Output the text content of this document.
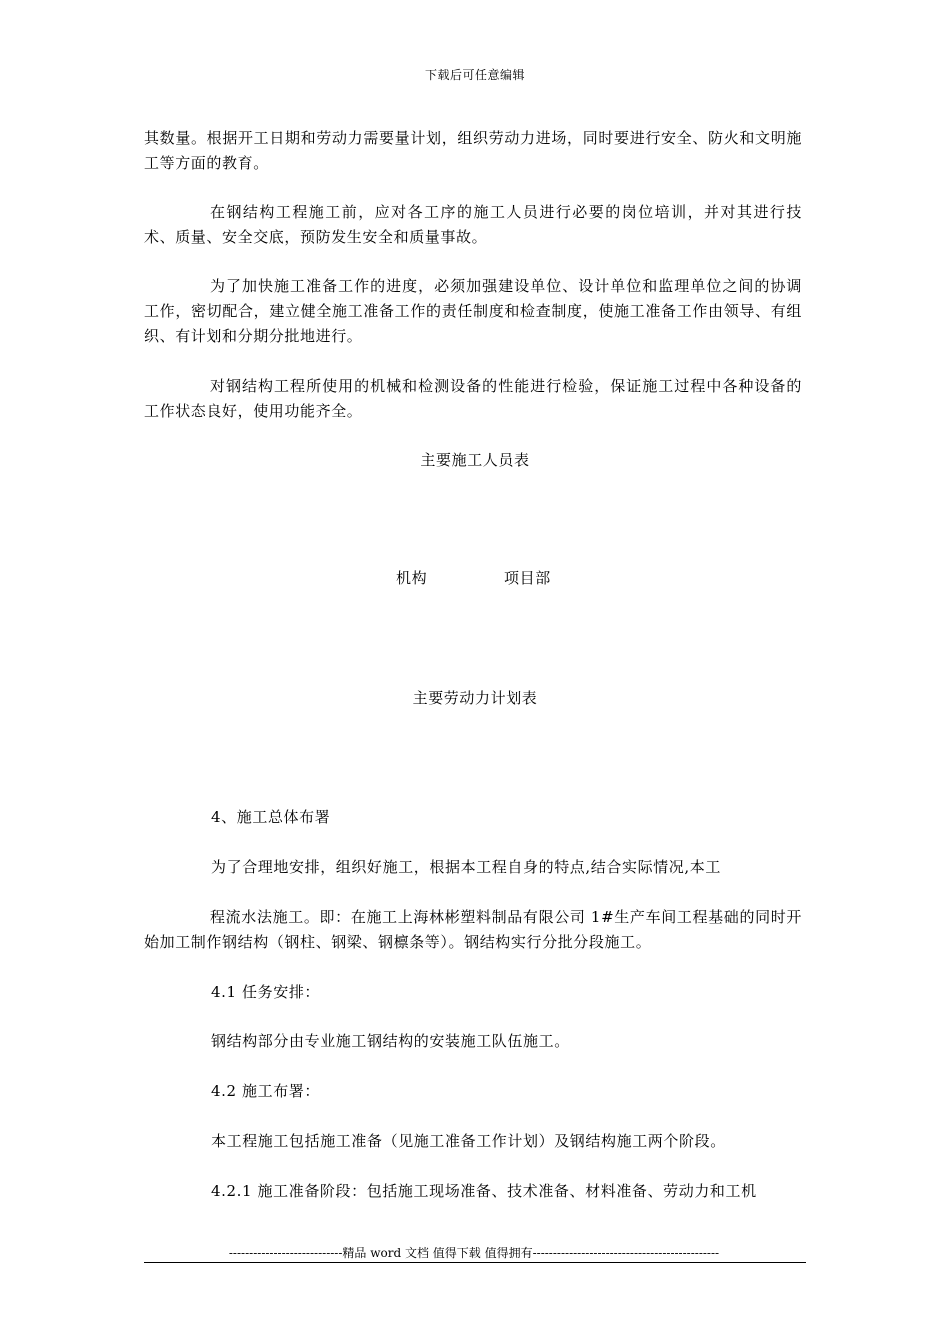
下载后可任意编辑
其数量。根据开工日期和劳动力需要量计划，组织劳动力进场，同时要进行安全、防火和文明施工等方面的教育。
在钢结构工程施工前，应对各工序的施工人员进行必要的岗位培训，并对其进行技术、质量、安全交底，预防发生安全和质量事故。
为了加快施工准备工作的进度，必须加强建设单位、设计单位和监理单位之间的协调工作，密切配合，建立健全施工准备工作的责任制度和检查制度，使施工准备工作由领导、有组织、有计划和分期分批地进行。
对钢结构工程所使用的机械和检测设备的性能进行检验，保证施工过程中各种设备的工作状态良好，使用功能齐全。
主要施工人员表
机构	项目部
主要劳动力计划表
4、施工总体布署
为了合理地安排，组织好施工，根据本工程自身的特点,结合实际情况,本工
程流水法施工。即：在施工上海林彬塑料制品有限公司 1#生产车间工程基础的同时开始加工制作钢结构（钢柱、钢梁、钢檩条等）。钢结构实行分批分段施工。
4.1 任务安排：
钢结构部分由专业施工钢结构的安装施工队伍施工。
4.2 施工布署：
本工程施工包括施工准备（见施工准备工作计划）及钢结构施工两个阶段。
4.2.1 施工准备阶段：包括施工现场准备、技术准备、材料准备、劳动力和工机
----------------------------精品 word 文档 值得下载 值得拥有----------------------------------------------
